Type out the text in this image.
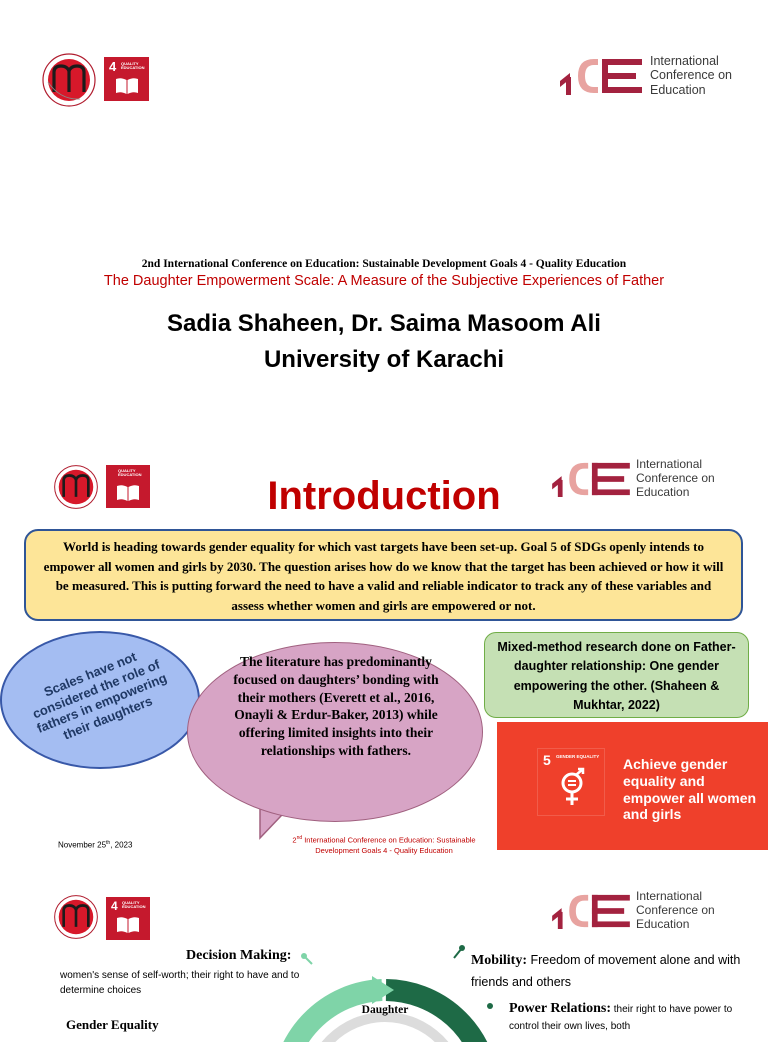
4 QUALITY EDUCATION	International
Conference on
Education
2nd International Conference on Education: Sustainable Development Goals 4 - Quality Education
The Daughter Empowerment Scale: A Measure of the Subjective Experiences of Father
Sadia Shaheen, Dr. Saima Masoom Ali
University of Karachi
QUALITY EDUCATION
International
Conference on
Education
Introduction
World is heading towards gender equality for which vast targets have been set-up. Goal 5 of SDGs openly intends to empower all women and girls by 2030. The question arises how do we know that the target has been achieved or how it will be measured. This is putting forward the need to have a valid and reliable indicator to track any of these variables and assess whether women and girls are empowered or not.
Scales have not considered the role of fathers in empowering their daughters
The literature has predominantly focused on daughters’ bonding with their mothers (Everett et al., 2016, Onayli & Erdur-Baker, 2013) while offering limited insights into their relationships with fathers.
Mixed-method research done on Father-daughter relationship: One gender empowering the other. (Shaheen & Mukhtar, 2022)
5 GENDER EQUALITY Achieve gender equality and empower all women and girls
November 25th, 2023
2nd International Conference on Education: Sustainable Development Goals 4 - Quality Education
4 QUALITY EDUCATION
International
Conference on
Education
Decision Making:
women's sense of self-worth; their right to have and to determine choices
Mobility: Freedom of movement alone and with friends and others
Power Relations: their right to have power to control their own lives, both
Daughter
Gender Equality
